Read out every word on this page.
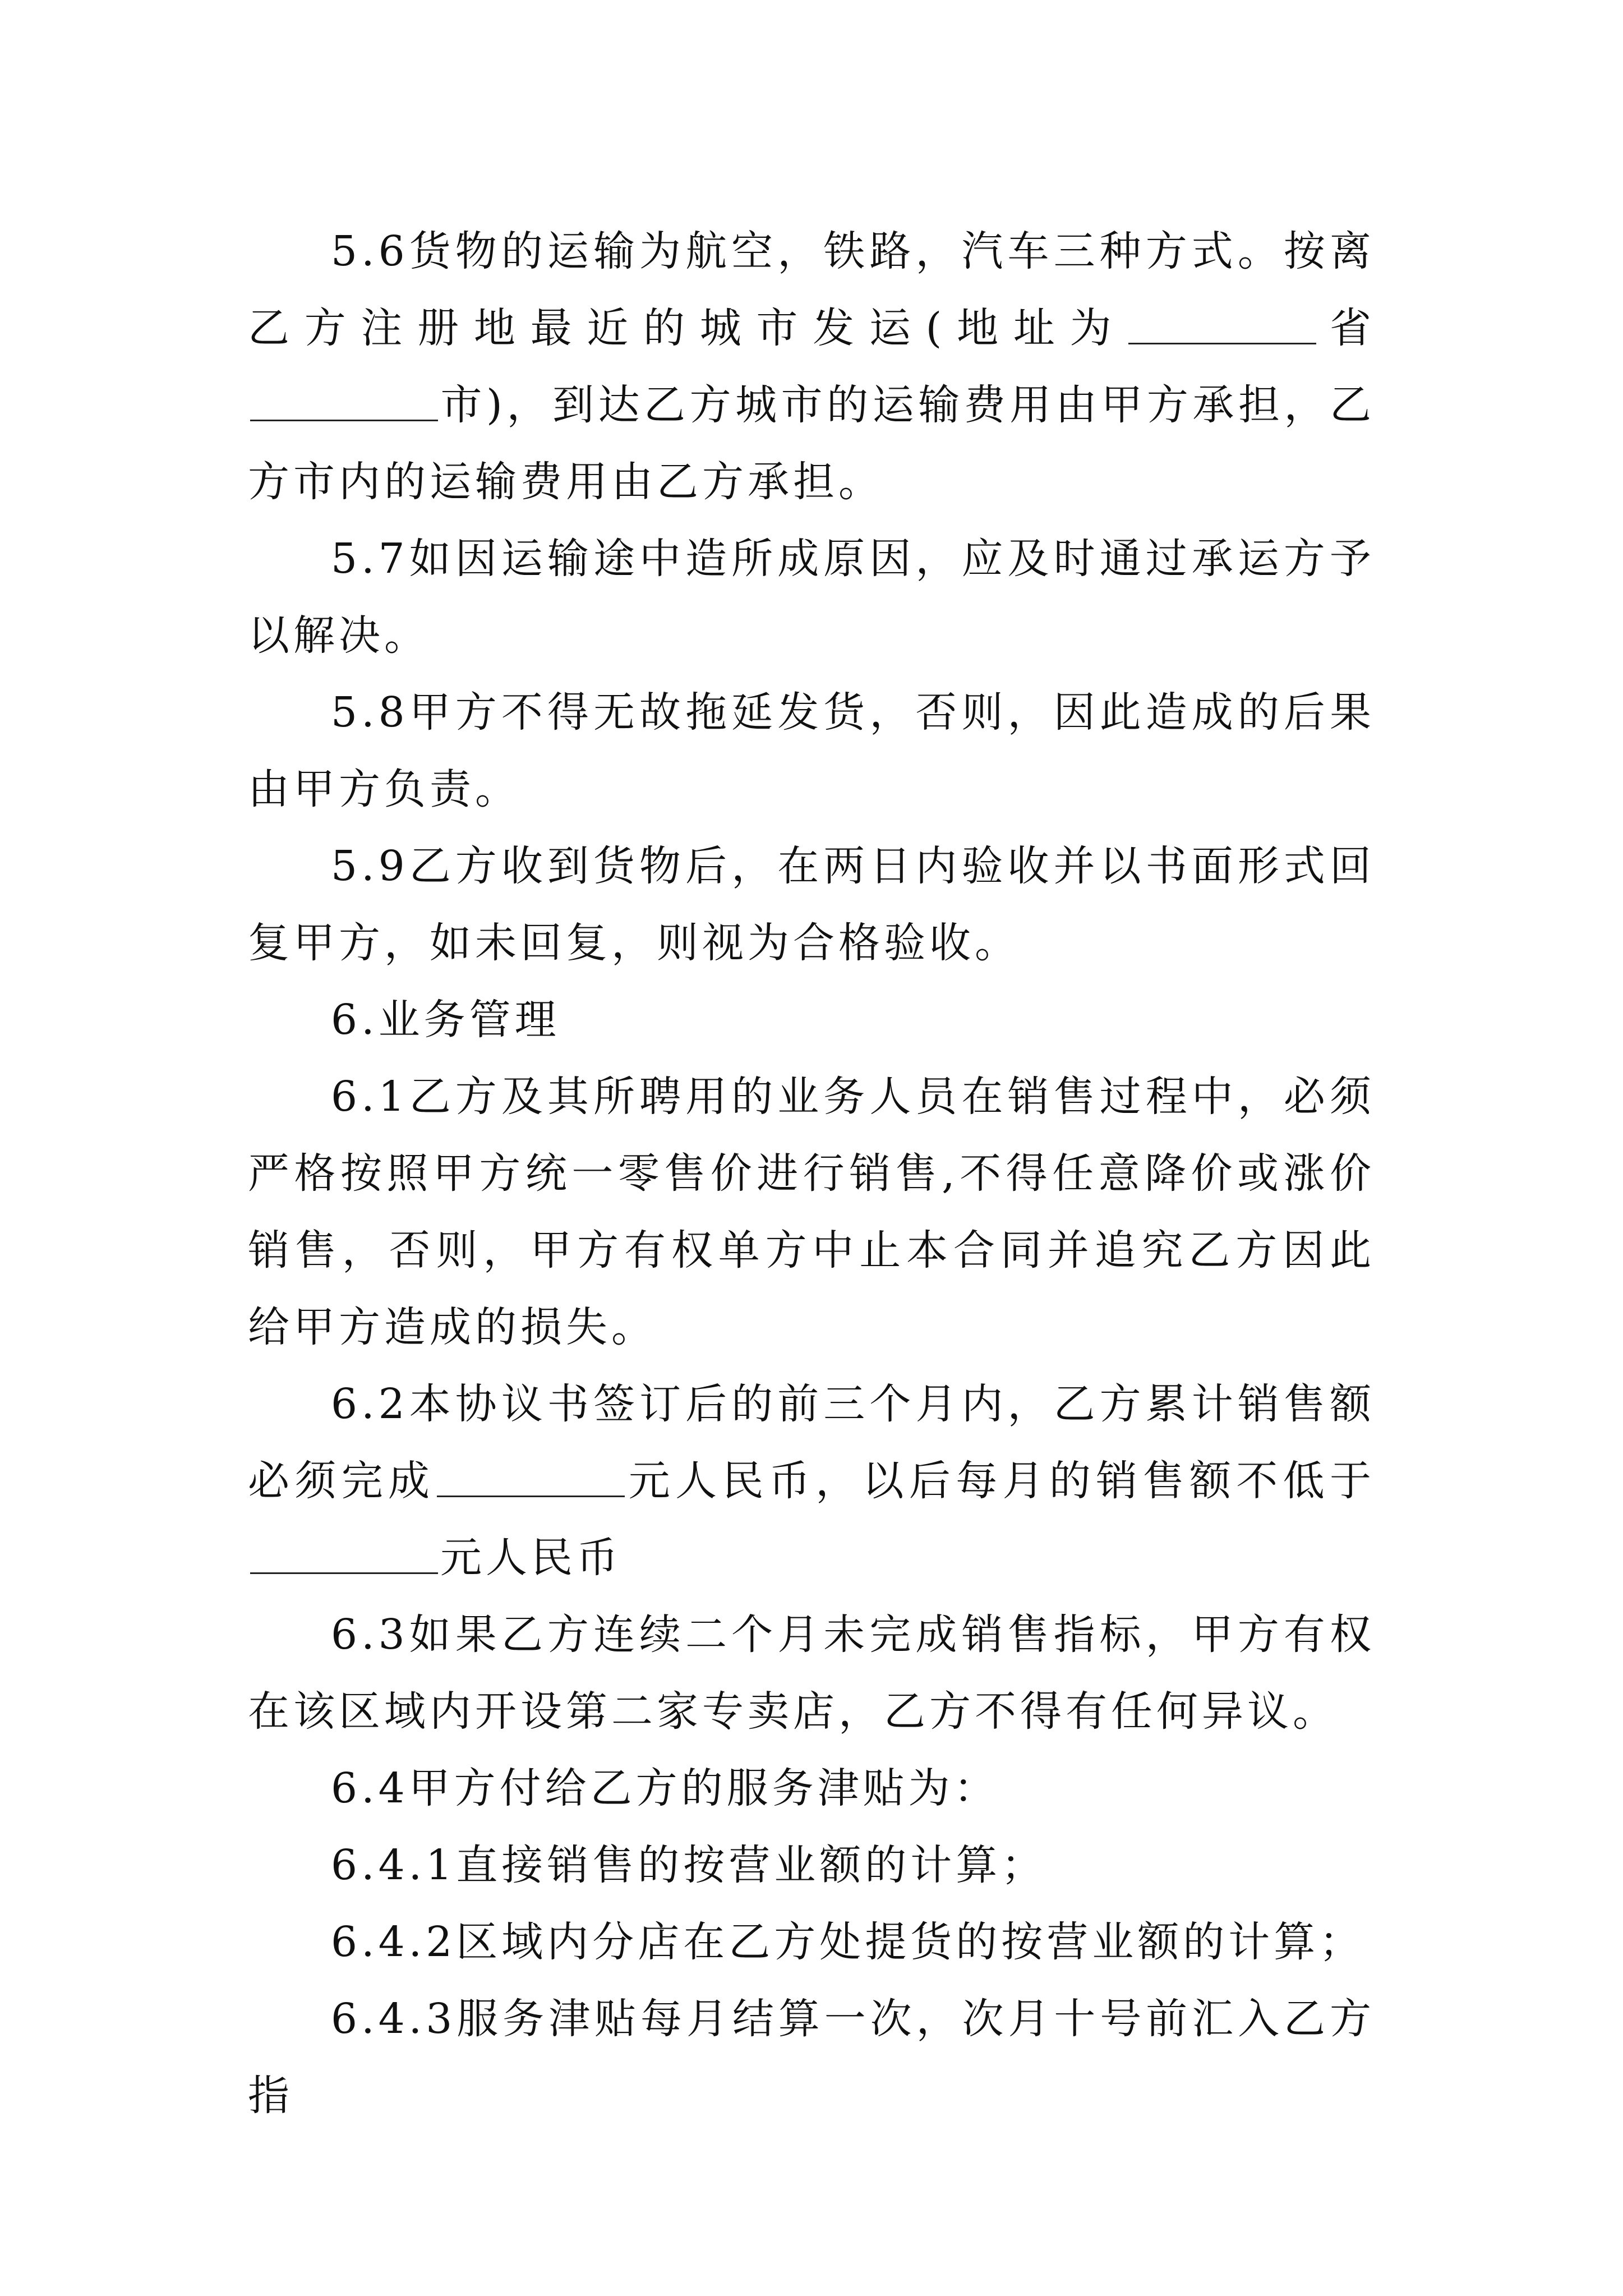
5.6货物的运输为航空，铁路，汽车三种方式。按离乙方注册地最近的城市发运(地址为	省市)，到达乙方城市的运输费用由甲方承担，乙方市内的运输费用由乙方承担。

5.7如因运输途中造所成原因，应及时通过承运方予以解决。

5.8甲方不得无故拖延发货，否则，因此造成的后果由甲方负责。

5.9乙方收到货物后，在两日内验收并以书面形式回复甲方，如未回复，则视为合格验收。

6.业务管理

6.1乙方及其所聘用的业务人员在销售过程中，必须严格按照甲方统一零售价进行销售,不得任意降价或涨价销售，否则，甲方有权单方中止本合同并追究乙方因此给甲方造成的损失。

6.2本协议书签订后的前三个月内，乙方累计销售额必须完成	元人民币，以后每月的销售额不低于元人民币

6.3如果乙方连续二个月未完成销售指标，甲方有权在该区域内开设第二家专卖店，乙方不得有任何异议。

6.4甲方付给乙方的服务津贴为：

6.4.1直接销售的按营业额的计算；

6.4.2区域内分店在乙方处提货的按营业额的计算；

6.4.3服务津贴每月结算一次，次月十号前汇入乙方指
